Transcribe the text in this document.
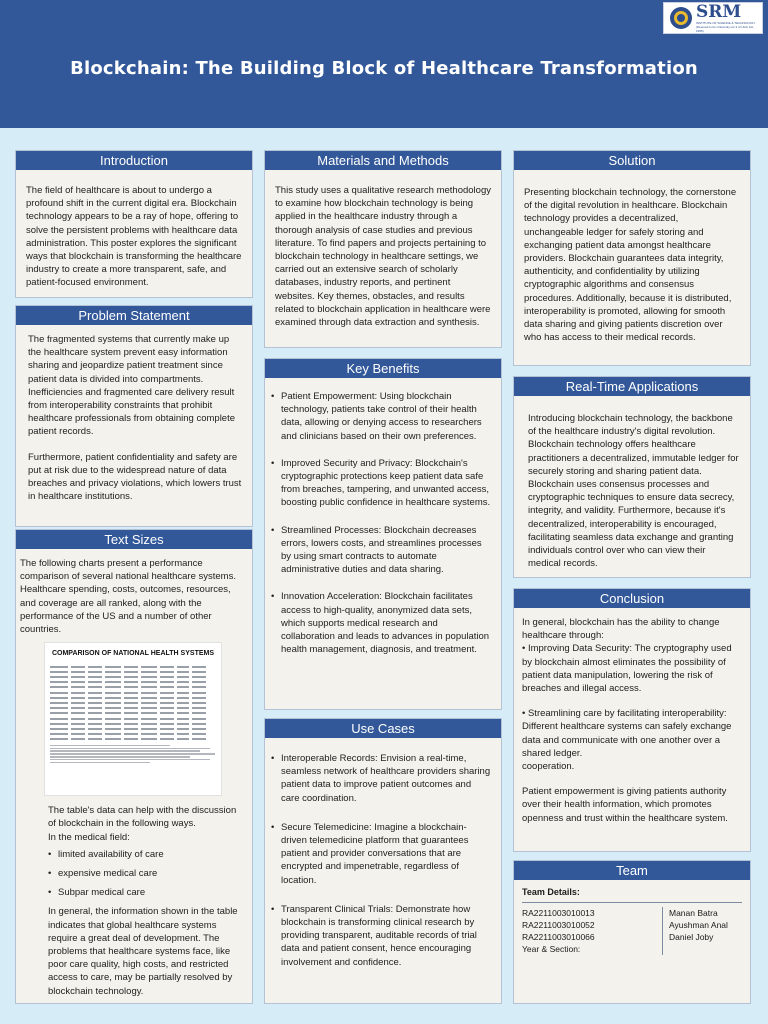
SRM
INSTITUTE OF SCIENCE & TECHNOLOGY (Deemed to be University u/s 3 of UGC Act, 1956)
Blockchain: The Building Block of Healthcare Transformation
Introduction

The field of healthcare is about to undergo a profound shift in the current digital era. Blockchain technology appears to be a ray of hope, offering to solve the persistent problems with healthcare data administration. This poster explores the significant ways that blockchain is transforming the healthcare industry to create a more transparent, safe, and patient-focused environment.

Problem Statement

The fragmented systems that currently make up the healthcare system prevent easy information sharing and jeopardize patient treatment since patient data is divided into compartments. Inefficiencies and fragmented care delivery result from interoperability constraints that prohibit healthcare professionals from obtaining complete patient records.

Furthermore, patient confidentiality and safety are put at risk due to the widespread nature of data breaches and privacy violations, which lowers trust in healthcare institutions.

Text Sizes

The following charts present a performance comparison of several national healthcare systems. Healthcare spending, costs, outcomes, resources, and coverage are all ranked, along with the performance of the US and a number of other countries.

COMPARISON OF NATIONAL HEALTH SYSTEMS

The table's data can help with the discussion of blockchain in the following ways.

In the medical field:

• limited availability of care
• expensive medical care
• Subpar medical care

In general, the information shown in the table indicates that global healthcare systems require a great deal of development. The problems that healthcare systems face, like poor care quality, high costs, and restricted access to care, may be partially resolved by blockchain technology.

Materials and Methods

This study uses a qualitative research methodology to examine how blockchain technology is being applied in the healthcare industry through a thorough analysis of case studies and previous literature. To find papers and projects pertaining to blockchain technology in healthcare settings, we carried out an extensive search of scholarly databases, industry reports, and pertinent websites. Key themes, obstacles, and results related to blockchain application in healthcare were examined through data extraction and synthesis.

Key Benefits
• Patient Empowerment: Using blockchain technology, patients take control of their health data, allowing or denying access to researchers and clinicians based on their own preferences.
• Improved Security and Privacy: Blockchain's cryptographic protections keep patient data safe from breaches, tampering, and unwanted access, boosting public confidence in healthcare systems.
• Streamlined Processes: Blockchain decreases errors, lowers costs, and streamlines processes by using smart contracts to automate administrative duties and data sharing.
• Innovation Acceleration: Blockchain facilitates access to high-quality, anonymized data sets, which supports medical research and collaboration and leads to advances in population health management, diagnosis, and treatment.
Use Cases
• Interoperable Records: Envision a real-time, seamless network of healthcare providers sharing patient data to improve patient outcomes and care coordination.
• Secure Telemedicine: Imagine a blockchain-driven telemedicine platform that guarantees patient and provider conversations that are encrypted and impenetrable, regardless of location.
• Transparent Clinical Trials: Demonstrate how blockchain is transforming clinical research by providing transparent, auditable records of trial data and patient consent, hence encouraging involvement and confidence.
Solution

Presenting blockchain technology, the cornerstone of the digital revolution in healthcare. Blockchain technology provides a decentralized, unchangeable ledger for safely storing and exchanging patient data amongst healthcare providers. Blockchain guarantees data integrity, authenticity, and confidentiality by utilizing cryptographic algorithms and consensus procedures. Additionally, because it is distributed, interoperability is promoted, allowing for smooth data sharing and giving patients discretion over who has access to their medical records.

Real-Time Applications

Introducing blockchain technology, the backbone of the healthcare industry's digital revolution. Blockchain technology offers healthcare practitioners a decentralized, immutable ledger for securely storing and sharing patient data. Blockchain uses consensus processes and cryptographic techniques to ensure data secrecy, integrity, and validity. Furthermore, because it's decentralized, interoperability is encouraged, facilitating seamless data exchange and granting individuals control over who can view their medical records.

Conclusion

In general, blockchain has the ability to change healthcare through:

• Improving Data Security: The cryptography used by blockchain almost eliminates the possibility of patient data manipulation, lowering the risk of breaches and illegal access.

• Streamlining care by facilitating interoperability: Different healthcare systems can safely exchange data and communicate with one another over a shared ledger.

cooperation.

Patient empowerment is giving patients authority over their health information, which promotes openness and trust within the healthcare system.

Team
Team Details:
RA2211003010013
RA2211003010052
RA2211003010066
Year & Section:
Manan Batra
Ayushman Anal
Daniel Joby
